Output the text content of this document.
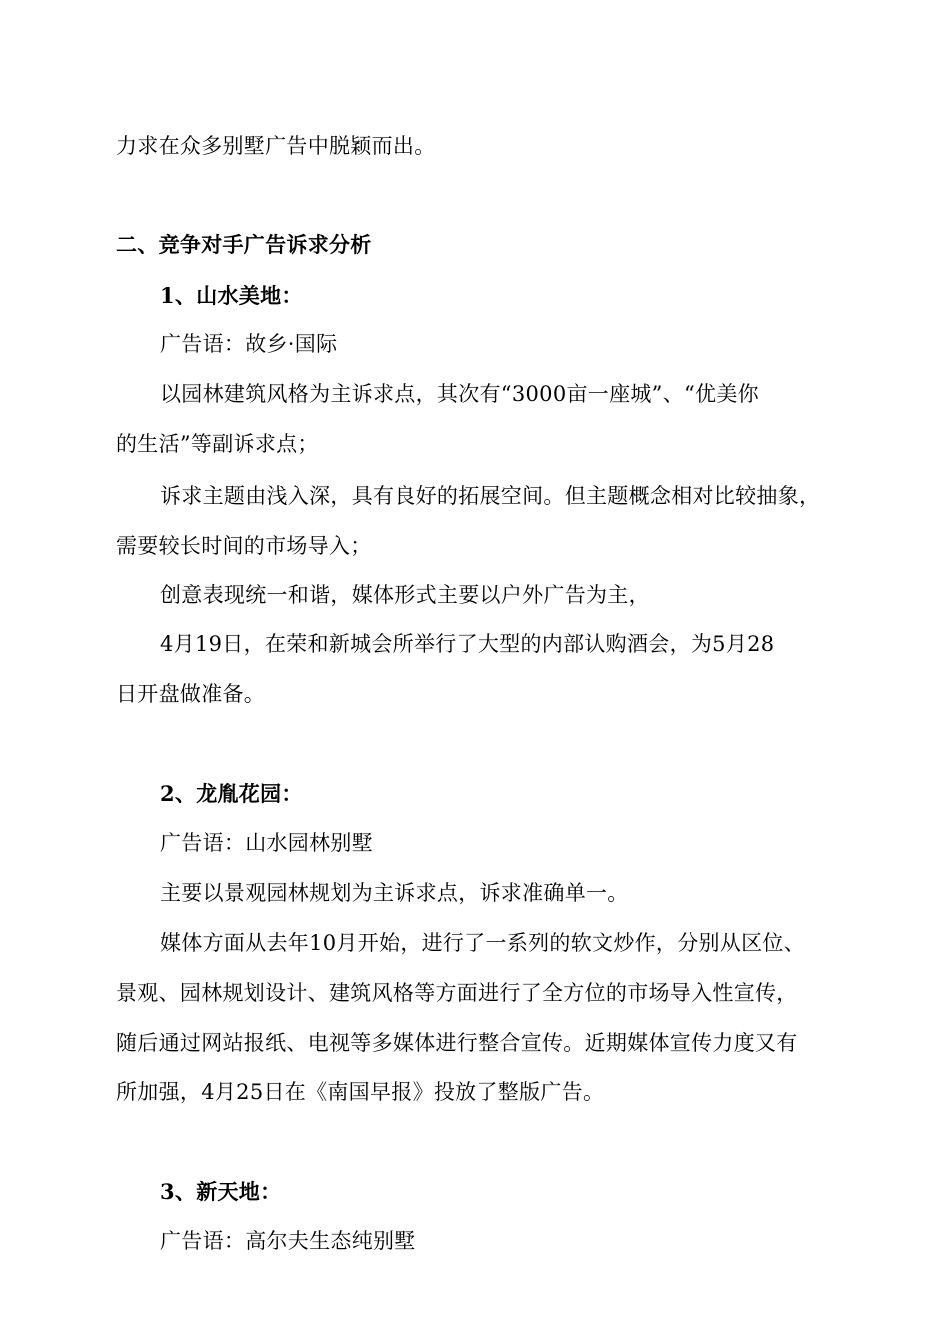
力求在众多别墅广告中脱颖而出。
二、竞争对手广告诉求分析
1、山水美地：
广告语：故乡·国际
以园林建筑风格为主诉求点，其次有“3000亩一座城”、“优美你
的生活”等副诉求点；
诉求主题由浅入深，具有良好的拓展空间。但主题概念相对比较抽象，
需要较长时间的市场导入；
创意表现统一和谐，媒体形式主要以户外广告为主，
4月19日，在荣和新城会所举行了大型的内部认购酒会，为5月28
日开盘做准备。
2、龙胤花园：
广告语：山水园林别墅
主要以景观园林规划为主诉求点，诉求准确单一。
媒体方面从去年10月开始，进行了一系列的软文炒作，分别从区位、
景观、园林规划设计、建筑风格等方面进行了全方位的市场导入性宣传，
随后通过网站报纸、电视等多媒体进行整合宣传。近期媒体宣传力度又有
所加强，4月25日在《南国早报》投放了整版广告。
3、新天地：
广告语：高尔夫生态纯别墅
